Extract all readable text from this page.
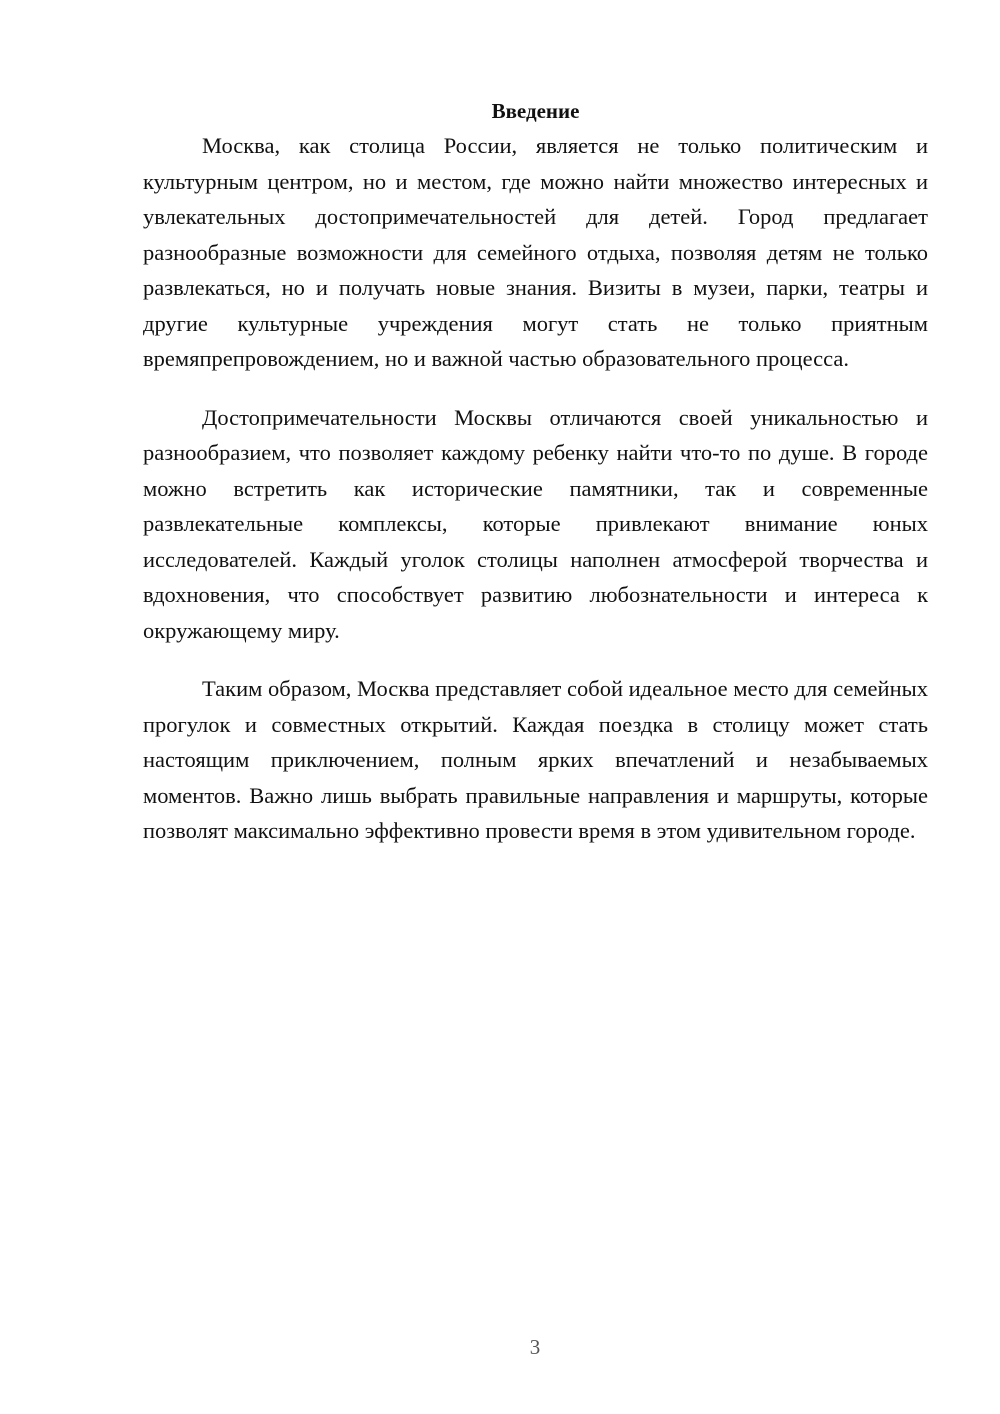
Введение

Москва, как столица России, является не только политическим и культурным центром, но и местом, где можно найти множество интересных и увлекательных достопримечательностей для детей. Город предлагает разнообразные возможности для семейного отдыха, позволяя детям не только развлекаться, но и получать новые знания. Визиты в музеи, парки, театры и другие культурные учреждения могут стать не только приятным времяпрепровождением, но и важной частью образовательного процесса.

Достопримечательности Москвы отличаются своей уникальностью и разнообразием, что позволяет каждому ребенку найти что-то по душе. В городе можно встретить как исторические памятники, так и современные развлекательные комплексы, которые привлекают внимание юных исследователей. Каждый уголок столицы наполнен атмосферой творчества и вдохновения, что способствует развитию любознательности и интереса к окружающему миру.

Таким образом, Москва представляет собой идеальное место для семейных прогулок и совместных открытий. Каждая поездка в столицу может стать настоящим приключением, полным ярких впечатлений и незабываемых моментов. Важно лишь выбрать правильные направления и маршруты, которые позволят максимально эффективно провести время в этом удивительном городе.

3
